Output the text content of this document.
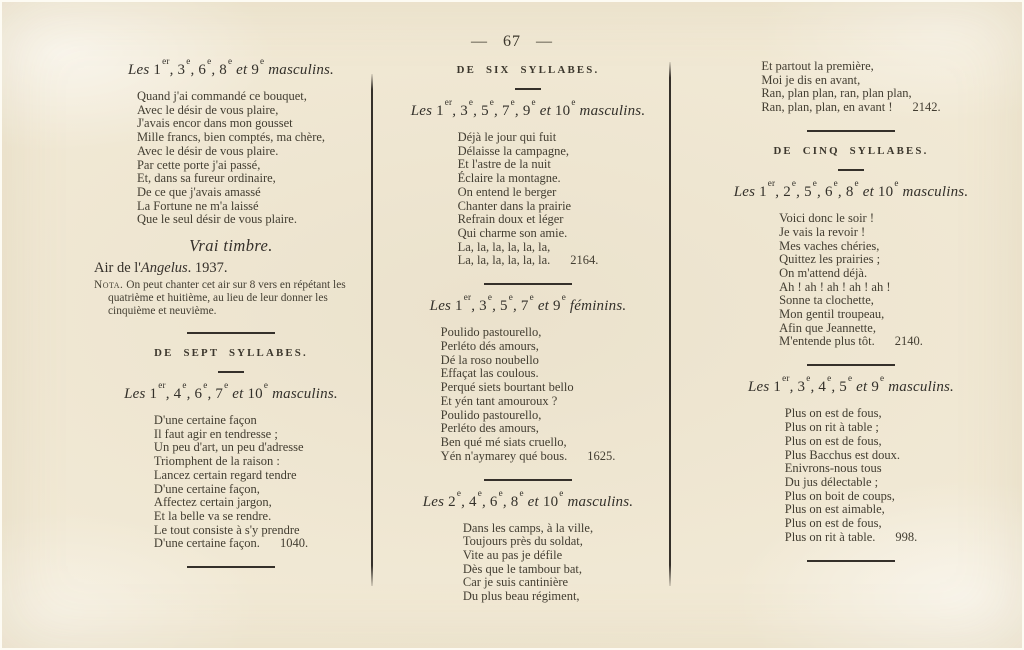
— 67 —
Les 1er, 3e, 6e, 8e et 9e masculins.
Quand j'ai commandé ce bouquet,
Avec le désir de vous plaire,
J'avais encor dans mon gousset
Mille francs, bien comptés, ma chère,
Avec le désir de vous plaire.
Par cette porte j'ai passé,
Et, dans sa fureur ordinaire,
De ce que j'avais amassé
La Fortune ne m'a laissé
Que le seul désir de vous plaire.
Vrai timbre.
Air de l'Angelus. 1937.
Nota. On peut chanter cet air sur 8 vers en répétant les quatrième et huitième, au lieu de leur donner les cinquième et neuvième.
DE SEPT SYLLABES.
Les 1er, 4e, 6e, 7e et 10e masculins.
D'une certaine façon
Il faut agir en tendresse ;
Un peu d'art, un peu d'adresse
Triomphent de la raison :
Lancez certain regard tendre
D'une certaine façon,
Affectez certain jargon,
Et la belle va se rendre.
Le tout consiste à s'y prendre
D'une certaine façon. 1040.
DE SIX SYLLABES.
Les 1er, 3e, 5e, 7e, 9e et 10e masculins.
Déjà le jour qui fuit
Délaisse la campagne,
Et l'astre de la nuit
Éclaire la montagne.
On entend le berger
Chanter dans la prairie
Refrain doux et léger
Qui charme son amie.
La, la, la, la, la, la,
La, la, la, la, la, la. 2164.
Les 1er, 3e, 5e, 7e et 9e féminins.
Poulido pastourello,
Perléto dés amours,
Dé la roso noubello
Effaçat las coulous.
Perqué siets bourtant bello
Et yén tant amouroux ?
Poulido pastourello,
Perléto des amours,
Ben qué mé siats cruello,
Yén n'aymarey qué bous. 1625.
Les 2e, 4e, 6e, 8e et 10e masculins.
Dans les camps, à la ville,
Toujours près du soldat,
Vite au pas je défile
Dès que le tambour bat,
Car je suis cantinière
Du plus beau régiment,
Et partout la première,
Moi je dis en avant,
Ran, plan plan, ran, plan plan,
Ran, plan, plan, en avant ! 2142.
DE CINQ SYLLABES.
Les 1er, 2e, 5e, 6e, 8e et 10e masculins.
Voici donc le soir !
Je vais la revoir !
Mes vaches chéries,
Quittez les prairies ;
On m'attend déjà.
Ah ! ah ! ah ! ah ! ah !
Sonne ta clochette,
Mon gentil troupeau,
Afin que Jeannette,
M'entende plus tôt. 2140.
Les 1er, 3e, 4e, 5e et 9e masculins.
Plus on est de fous,
Plus on rit à table ;
Plus on est de fous,
Plus Bacchus est doux.
Enivrons-nous tous
Du jus délectable ;
Plus on boit de coups,
Plus on est aimable,
Plus on est de fous,
Plus on rit à table. 998.
